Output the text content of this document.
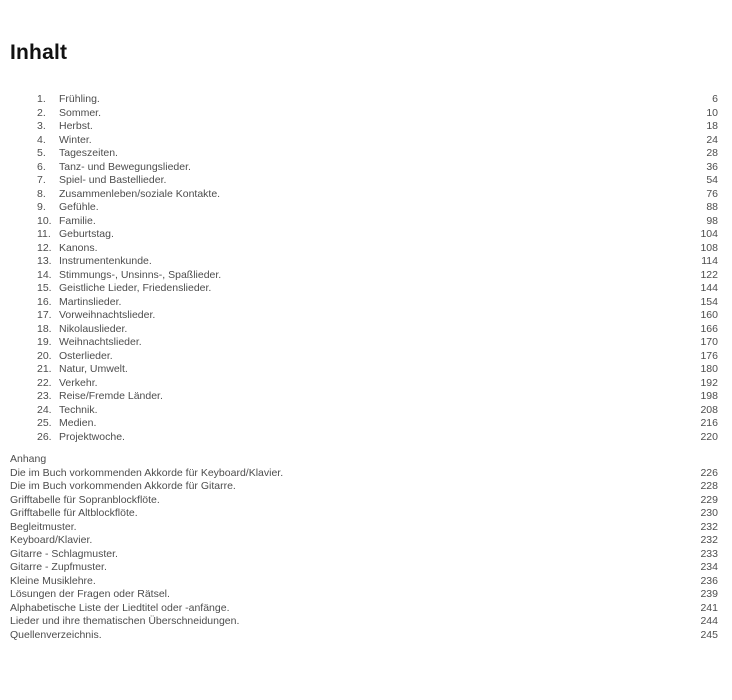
Inhalt
1.	Frühling.	6
2.	Sommer.	10
3.	Herbst.	18
4.	Winter.	24
5.	Tageszeiten.	28
6.	Tanz- und Bewegungslieder.	36
7.	Spiel- und Bastellieder.	54
8.	Zusammenleben/soziale Kontakte.	76
9.	Gefühle.	88
10. Familie.	98
11. Geburtstag.	104
12. Kanons.	108
13. Instrumentenkunde.	114
14. Stimmungs-, Unsinns-, Spaßlieder.	122
15. Geistliche Lieder, Friedenslieder.	144
16. Martinslieder.	154
17. Vorweihnachtslieder.	160
18. Nikolauslieder.	166
19. Weihnachtslieder.	170
20. Osterlieder.	176
21. Natur, Umwelt.	180
22. Verkehr.	192
23. Reise/Fremde Länder.	198
24. Technik.	208
25. Medien.	216
26. Projektwoche.	220
Anhang
Die im Buch vorkommenden Akkorde für Keyboard/Klavier.	226
Die im Buch vorkommenden Akkorde für Gitarre.	228
Grifftabelle für Sopranblockflöte.	229
Grifftabelle für Altblockflöte.	230
Begleitmuster.	232
Keyboard/Klavier.	232
Gitarre - Schlagmuster.	233
Gitarre - Zupfmuster.	234
Kleine Musiklehre.	236
Lösungen der Fragen oder Rätsel.	239
Alphabetische Liste der Liedtitel oder -anfänge.	241
Lieder und ihre thematischen Überschneidungen.	244
Quellenverzeichnis.	245
